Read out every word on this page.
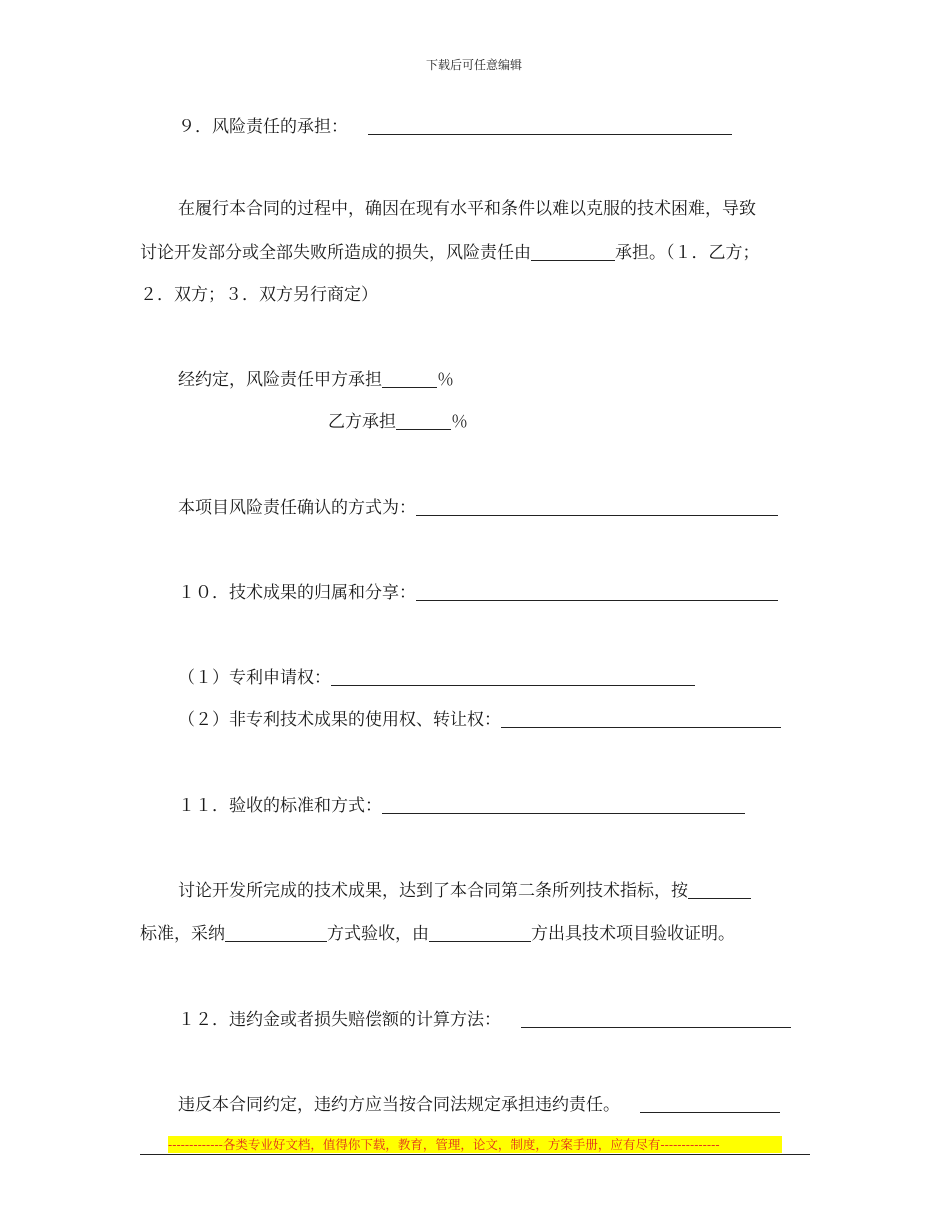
下载后可任意编辑
９．风险责任的承担：
在履行本合同的过程中，确因在现有水平和条件以难以克服的技术困难，导致
讨论开发部分或全部失败所造成的损失，风险责任由	承担。（１．乙方；
２．双方；３．双方另行商定）
经约定，风险责任甲方承担	％
乙方承担	％
本项目风险责任确认的方式为：
１０．技术成果的归属和分享：
（１）专利申请权：
（２）非专利技术成果的使用权、转让权：
１１．验收的标准和方式：
讨论开发所完成的技术成果，达到了本合同第二条所列技术指标，按
标准，采纳	方式验收，由	方出具技术项目验收证明。
１２．违约金或者损失赔偿额的计算方法：
违反本合同约定，违约方应当按合同法规定承担违约责任。
-------------各类专业好文档，值得你下载，教育，管理，论文，制度，方案手册，应有尽有--------------
